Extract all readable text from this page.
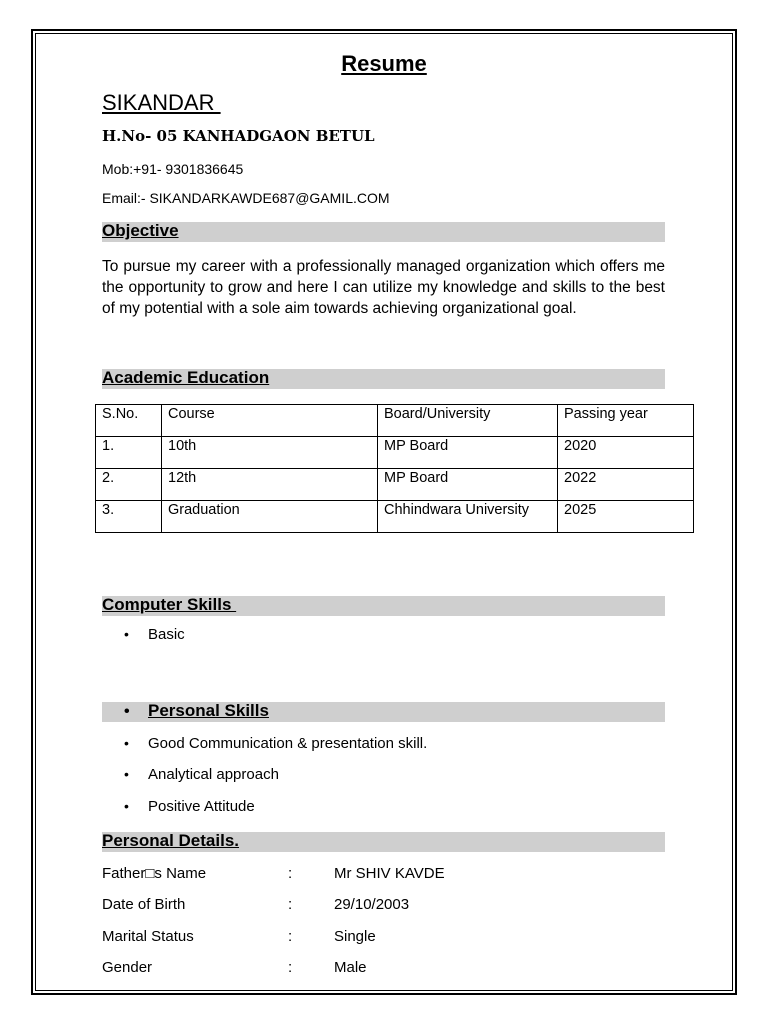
Resume
SIKANDAR
H.No- 05 KANHADGAON BETUL
Mob:+91- 9301836645
Email:- SIKANDARKAWDE687@GAMIL.COM
Objective
To pursue my career with a professionally managed organization which offers me the opportunity to grow and here I can utilize my knowledge and skills to the best of my potential with a sole aim towards achieving organizational goal.
Academic Education
S.No.	Course	Board/University	Passing year
1.	10th	MP Board	2020
2.	12th	MP Board	2022
3.	Graduation	Chhindwara University	2025
Computer Skills
• Basic
• Personal Skills
• Good Communication & presentation skill.
• Analytical approach
• Positive Attitude
Personal Details.
Father□s Name	:	Mr SHIV KAVDE
Date of Birth	:	29/10/2003
Marital Status	:	Single
Gender	:	Male
